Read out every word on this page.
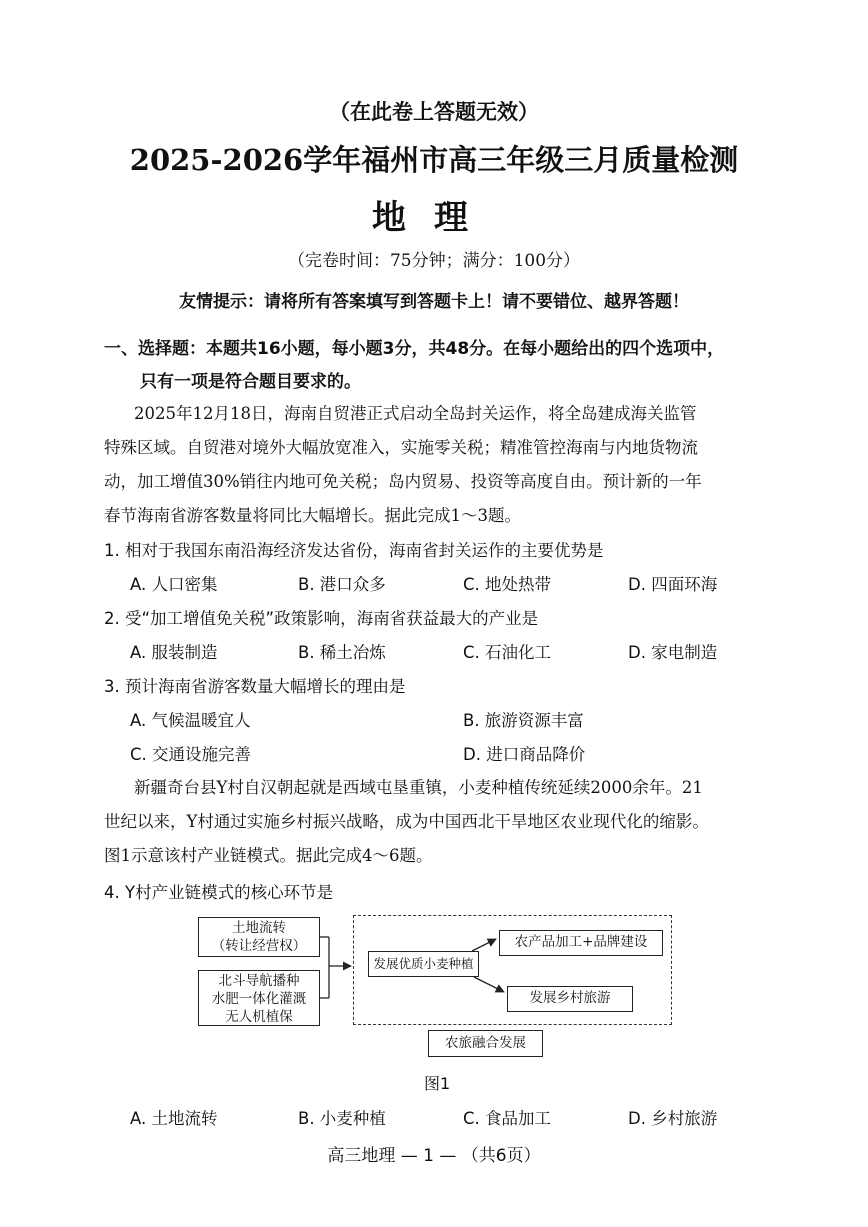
（在此卷上答题无效）
2025-2026学年福州市高三年级三月质量检测
地理
（完卷时间：75分钟；满分：100分）
友情提示：请将所有答案填写到答题卡上！请不要错位、越界答题！
一、选择题：本题共16小题，每小题3分，共48分。在每小题给出的四个选项中，
只有一项是符合题目要求的。
2025年12月18日，海南自贸港正式启动全岛封关运作，将全岛建成海关监管
特殊区域。自贸港对境外大幅放宽准入，实施零关税；精准管控海南与内地货物流
动，加工增值30%销往内地可免关税；岛内贸易、投资等高度自由。预计新的一年
春节海南省游客数量将同比大幅增长。据此完成1～3题。
1. 相对于我国东南沿海经济发达省份，海南省封关运作的主要优势是
A. 人口密集	B. 港口众多	C. 地处热带	D. 四面环海
2. 受“加工增值免关税”政策影响，海南省获益最大的产业是
A. 服装制造	B. 稀土冶炼	C. 石油化工	D. 家电制造
3. 预计海南省游客数量大幅增长的理由是
A. 气候温暖宜人	B. 旅游资源丰富
C. 交通设施完善	D. 进口商品降价
新疆奇台县Y村自汉朝起就是西域屯垦重镇，小麦种植传统延续2000余年。21
世纪以来，Y村通过实施乡村振兴战略，成为中国西北干旱地区农业现代化的缩影。
图1示意该村产业链模式。据此完成4～6题。
4. Y村产业链模式的核心环节是
土地流转
（转让经营权）
北斗导航播种
水肥一体化灌溉
无人机植保
发展优质小麦种植
农产品加工+品牌建设
发展乡村旅游
农旅融合发展
图1
A. 土地流转	B. 小麦种植	C. 食品加工	D. 乡村旅游
高三地理 — 1 — （共6页）
